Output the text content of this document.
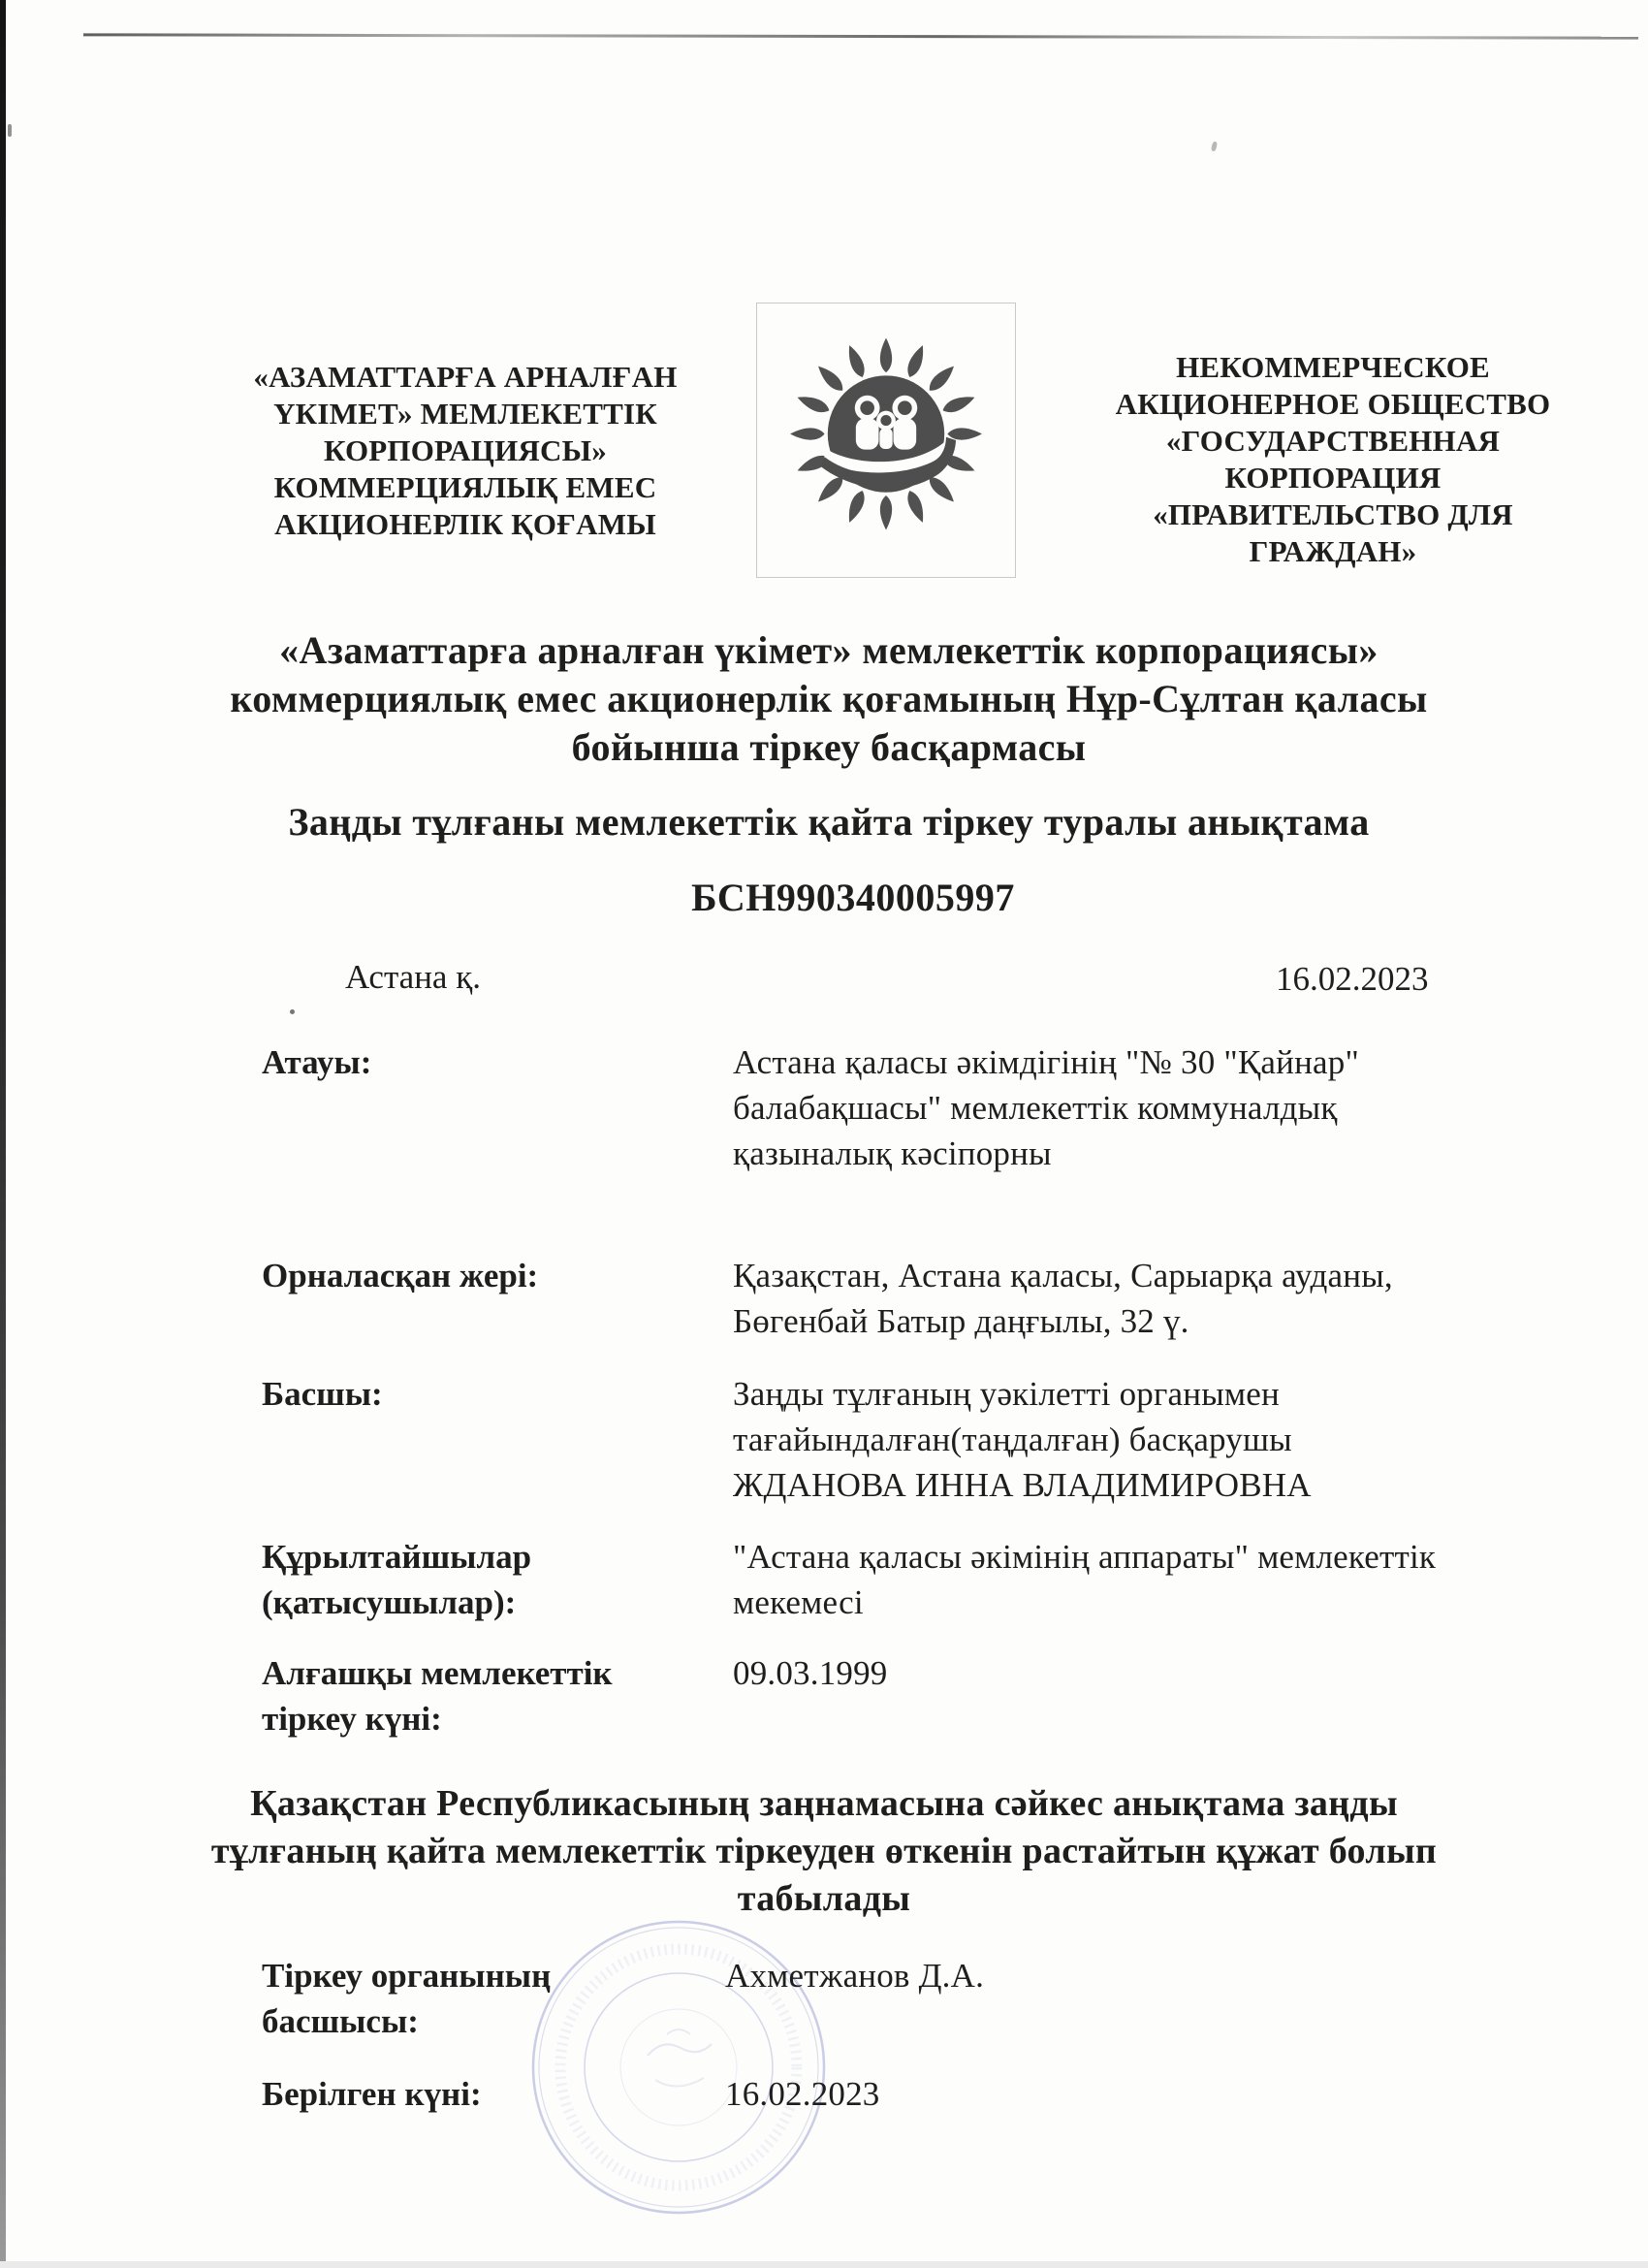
«АЗАМАТТАРҒА АРНАЛҒАН
ҮКІМЕТ» МЕМЛЕКЕТТІК
КОРПОРАЦИЯСЫ»
КОММЕРЦИЯЛЫҚ ЕМЕС
АКЦИОНЕРЛІК ҚОҒАМЫ
НЕКОММЕРЧЕСКОЕ
АКЦИОНЕРНОЕ ОБЩЕСТВО
«ГОСУДАРСТВЕННАЯ
КОРПОРАЦИЯ
«ПРАВИТЕЛЬСТВО ДЛЯ
ГРАЖДАН»
«Азаматтарға арналған үкімет» мемлекеттік корпорациясы»
коммерциялық емес акционерлік қоғамының Нұр-Сұлтан қаласы
бойынша тіркеу басқармасы
Заңды тұлғаны мемлекеттік қайта тіркеу туралы анықтама
БСН990340005997
Астана қ.	16.02.2023
Атауы:	Астана қаласы әкімдігінің "№ 30 "Қайнар"
балабақшасы" мемлекеттік коммуналдық
қазыналық кәсіпорны
Орналасқан жері:	Қазақстан, Астана қаласы, Сарыарқа ауданы,
Бөгенбай Батыр даңғылы, 32 ү.
Басшы:	Заңды тұлғаның уәкілетті органымен
тағайындалған(таңдалған) басқарушы
ЖДАНОВА ИННА ВЛАДИМИРОВНА
Құрылтайшылар
(қатысушылар):
"Астана қаласы әкімінің аппараты" мемлекеттік
мекемесі
Алғашқы мемлекеттік
тіркеу күні:
09.03.1999
Қазақстан Республикасының заңнамасына сәйкес анықтама заңды
тұлғаның қайта мемлекеттік тіркеуден өткенін растайтын құжат болып
табылады
Тіркеу органының
басшысы:
Ахметжанов Д.А.
Берілген күні:	16.02.2023
